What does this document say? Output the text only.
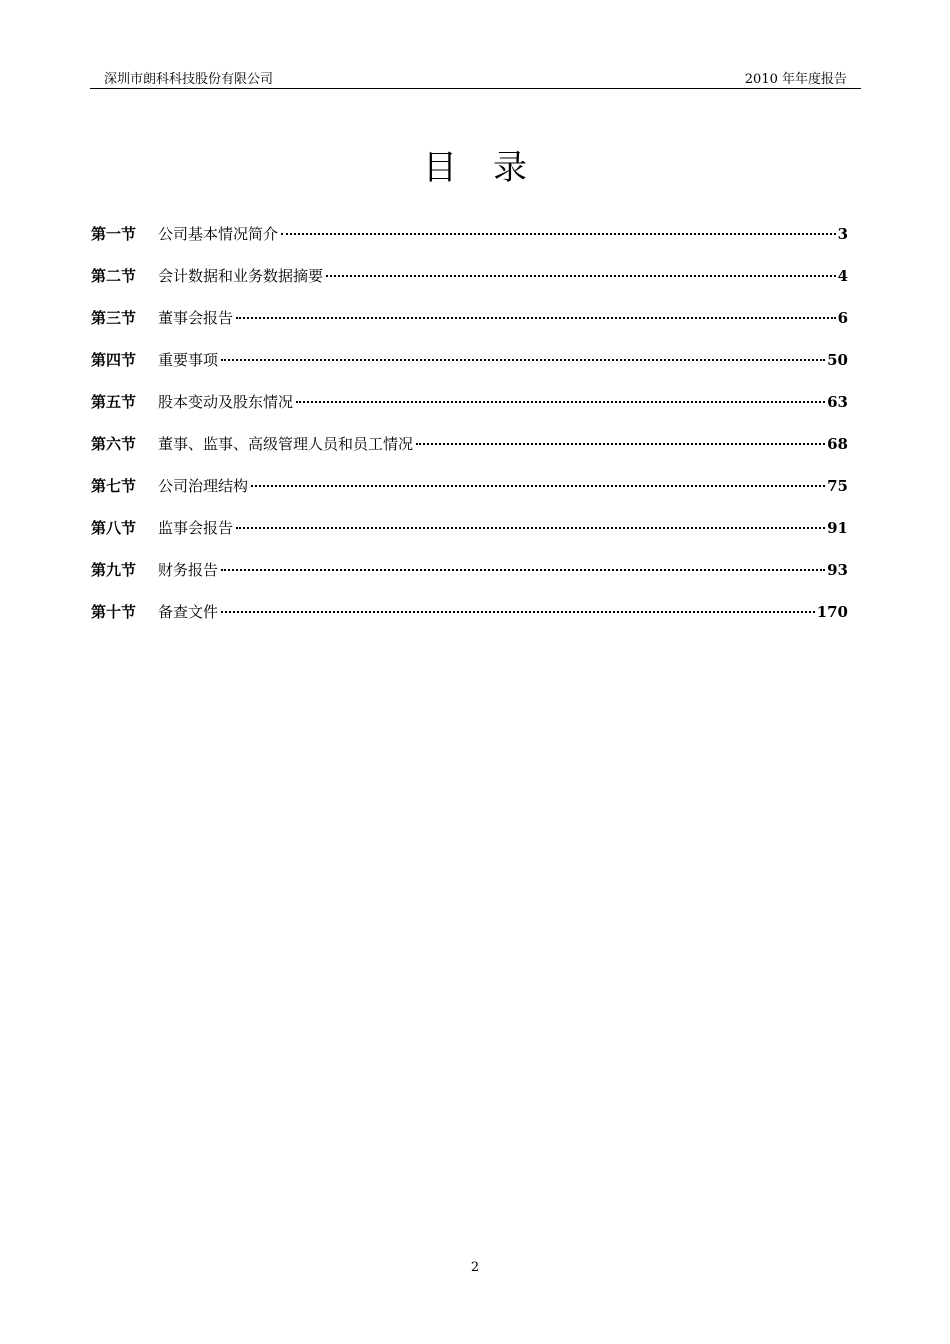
深圳市朗科科技股份有限公司	2010 年年度报告
目录
第一节	公司基本情况简介	3
第二节	会计数据和业务数据摘要	4
第三节	董事会报告	6
第四节	重要事项	50
第五节	股本变动及股东情况	63
第六节	董事、监事、高级管理人员和员工情况	68
第七节	公司治理结构	75
第八节	监事会报告	91
第九节	财务报告	93
第十节	备查文件	170
2
